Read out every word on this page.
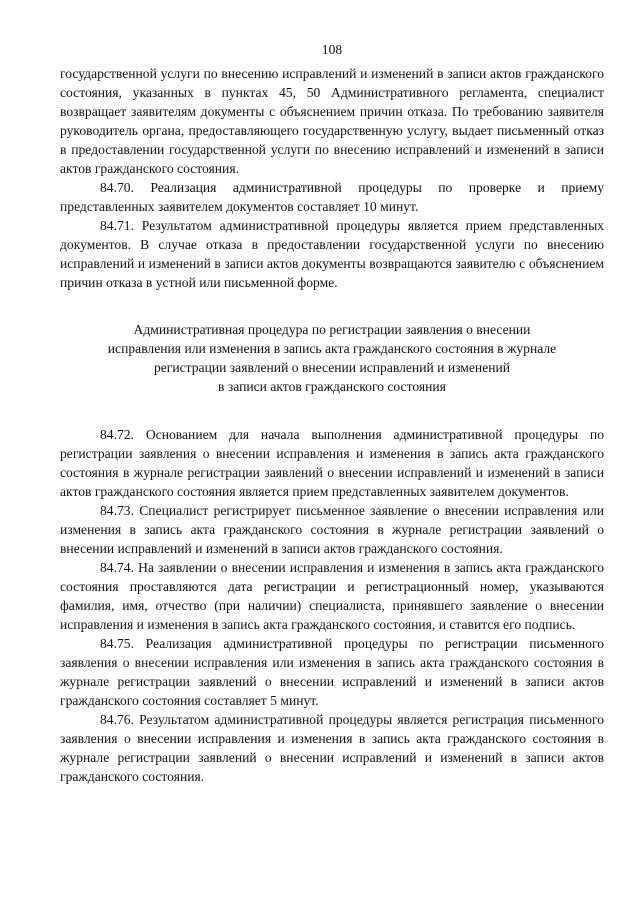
108

государственной услуги по внесению исправлений и изменений в записи актов гражданского состояния, указанных в пунктах 45, 50 Административного регламента, специалист возвращает заявителям документы с объяснением причин отказа. По требованию заявителя руководитель органа, предоставляющего государственную услугу, выдает письменный отказ в предоставлении государственной услуги по внесению исправлений и изменений в записи актов гражданского состояния.

84.70. Реализация административной процедуры по проверке и приему представленных заявителем документов составляет 10 минут.

84.71. Результатом административной процедуры является прием представленных документов. В случае отказа в предоставлении государственной услуги по внесению исправлений и изменений в записи актов документы возвращаются заявителю с объяснением причин отказа в устной или письменной форме.

Административная процедура по регистрации заявления о внесении
исправления или изменения в запись акта гражданского состояния в журнале
регистрации заявлений о внесении исправлений и изменений
в записи актов гражданского состояния

84.72. Основанием для начала выполнения административной процедуры по регистрации заявления о внесении исправления и изменения в запись акта гражданского состояния в журнале регистрации заявлений о внесении исправлений и изменений в записи актов гражданского состояния является прием представленных заявителем документов.

84.73. Специалист регистрирует письменное заявление о внесении исправления или изменения в запись акта гражданского состояния в журнале регистрации заявлений о внесении исправлений и изменений в записи актов гражданского состояния.

84.74. На заявлении о внесении исправления и изменения в запись акта гражданского состояния проставляются дата регистрации и регистрационный номер, указываются фамилия, имя, отчество (при наличии) специалиста, принявшего заявление о внесении исправления и изменения в запись акта гражданского состояния, и ставится его подпись.

84.75. Реализация административной процедуры по регистрации письменного заявления о внесении исправления или изменения в запись акта гражданского состояния в журнале регистрации заявлений о внесении исправлений и изменений в записи актов гражданского состояния составляет 5 минут.

84.76. Результатом административной процедуры является регистрация письменного заявления о внесении исправления и изменения в запись акта гражданского состояния в журнале регистрации заявлений о внесении исправлений и изменений в записи актов гражданского состояния.
